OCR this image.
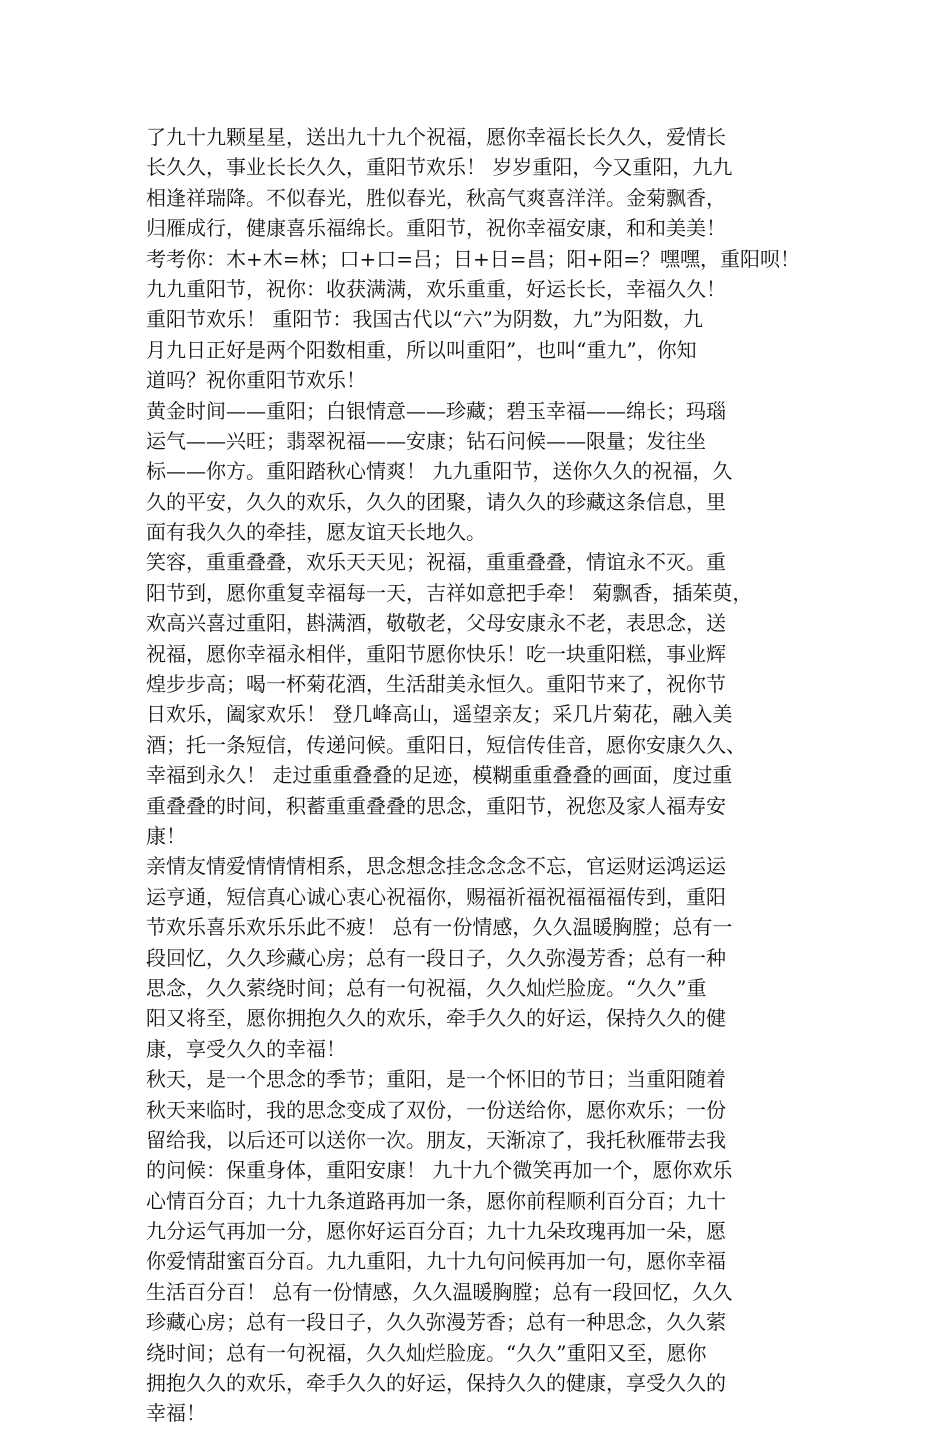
了九十九颗星星，送出九十九个祝福，愿你幸福长长久久，爱情长
长久久，事业长长久久，重阳节欢乐！ 岁岁重阳，今又重阳，九九
相逢祥瑞降。不似春光，胜似春光，秋高气爽喜洋洋。金菊飘香，
归雁成行，健康喜乐福绵长。重阳节，祝你幸福安康，和和美美！
考考你：木+木=林；口+口=吕；日+日=昌；阳+阳=？嘿嘿，重阳呗！
九九重阳节，祝你：收获满满，欢乐重重，好运长长，幸福久久！
重阳节欢乐！ 重阳节：我国古代以“六”为阴数，九”为阳数，九
月九日正好是两个阳数相重，所以叫重阳”，也叫“重九”，你知
道吗？祝你重阳节欢乐！
黄金时间——重阳；白银情意——珍藏；碧玉幸福——绵长；玛瑙
运气——兴旺；翡翠祝福——安康；钻石问候——限量；发往坐
标——你方。重阳踏秋心情爽！ 九九重阳节，送你久久的祝福，久
久的平安，久久的欢乐，久久的团聚，请久久的珍藏这条信息，里
面有我久久的牵挂，愿友谊天长地久。
笑容，重重叠叠，欢乐天天见；祝福，重重叠叠，情谊永不灭。重
阳节到，愿你重复幸福每一天，吉祥如意把手牵！ 菊飘香，插茱萸，
欢高兴喜过重阳，斟满酒，敬敬老，父母安康永不老，表思念，送
祝福，愿你幸福永相伴，重阳节愿你快乐！吃一块重阳糕，事业辉
煌步步高；喝一杯菊花酒，生活甜美永恒久。重阳节来了，祝你节
日欢乐，阖家欢乐！ 登几峰高山，遥望亲友；采几片菊花，融入美
酒；托一条短信，传递问候。重阳日，短信传佳音，愿你安康久久、
幸福到永久！ 走过重重叠叠的足迹，模糊重重叠叠的画面，度过重
重叠叠的时间，积蓄重重叠叠的思念，重阳节，祝您及家人福寿安
康！
亲情友情爱情情情相系，思念想念挂念念念不忘，官运财运鸿运运
运亨通，短信真心诚心衷心祝福你，赐福祈福祝福福福传到，重阳
节欢乐喜乐欢乐乐此不疲！ 总有一份情感，久久温暖胸膛；总有一
段回忆，久久珍藏心房；总有一段日子，久久弥漫芳香；总有一种
思念，久久萦绕时间；总有一句祝福，久久灿烂脸庞。“久久”重
阳又将至，愿你拥抱久久的欢乐，牵手久久的好运，保持久久的健
康，享受久久的幸福！
秋天，是一个思念的季节；重阳，是一个怀旧的节日；当重阳随着
秋天来临时，我的思念变成了双份，一份送给你，愿你欢乐；一份
留给我，以后还可以送你一次。朋友，天渐凉了，我托秋雁带去我
的问候：保重身体，重阳安康！ 九十九个微笑再加一个，愿你欢乐
心情百分百；九十九条道路再加一条，愿你前程顺利百分百；九十
九分运气再加一分，愿你好运百分百；九十九朵玫瑰再加一朵，愿
你爱情甜蜜百分百。九九重阳，九十九句问候再加一句，愿你幸福
生活百分百！ 总有一份情感，久久温暖胸膛；总有一段回忆，久久
珍藏心房；总有一段日子，久久弥漫芳香；总有一种思念，久久萦
绕时间；总有一句祝福，久久灿烂脸庞。“久久”重阳又至，愿你
拥抱久久的欢乐，牵手久久的好运，保持久久的健康，享受久久的
幸福！
